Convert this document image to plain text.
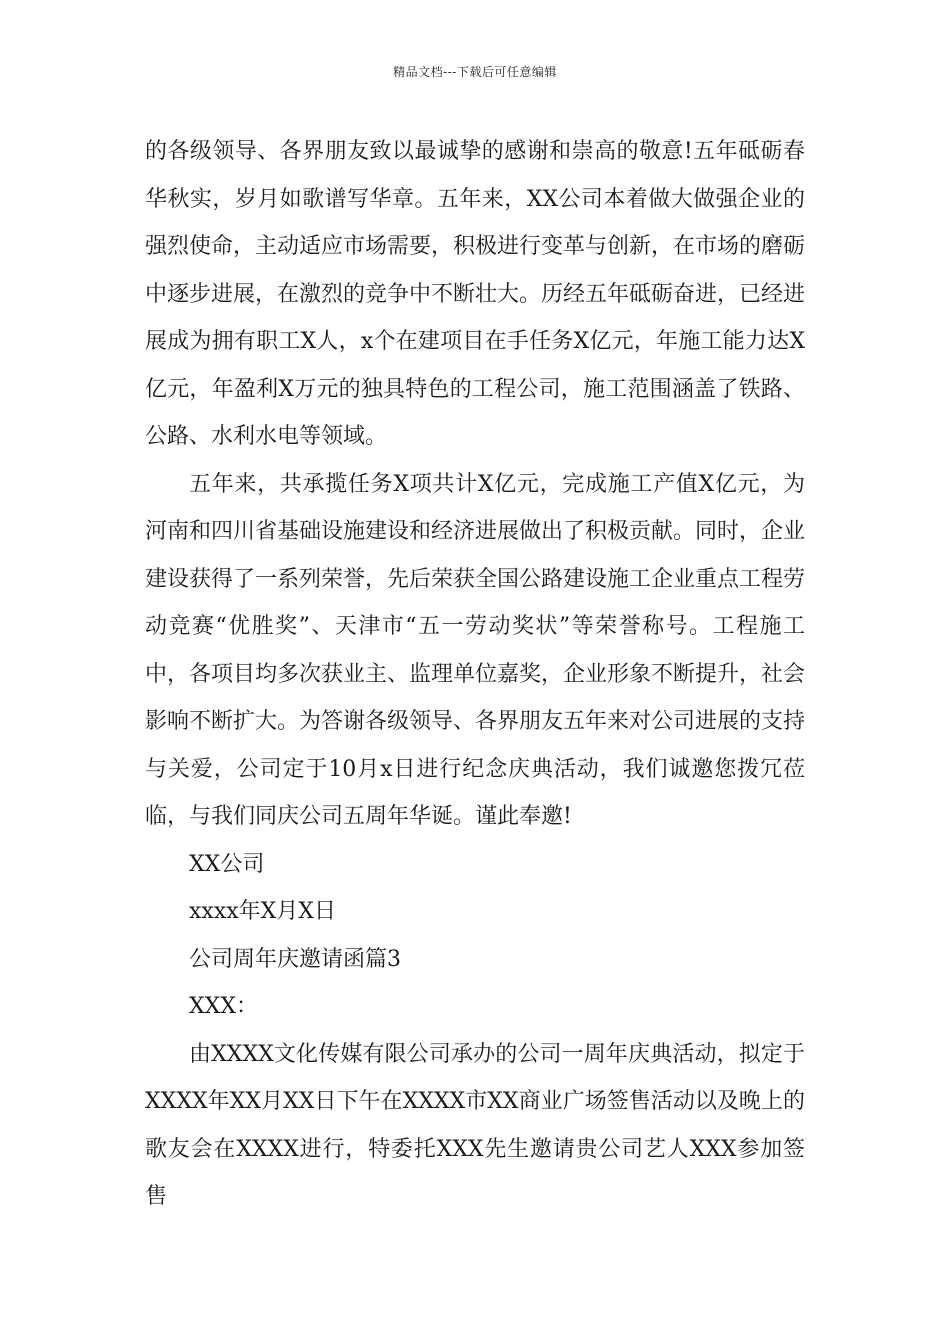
精品文档---下载后可任意编辑

的各级领导、各界朋友致以最诚挚的感谢和崇高的敬意!五年砥砺春华秋实，岁月如歌谱写华章。五年来，XX公司本着做大做强企业的强烈使命，主动适应市场需要，积极进行变革与创新，在市场的磨砺中逐步进展，在激烈的竞争中不断壮大。历经五年砥砺奋进，已经进展成为拥有职工X人，x个在建项目在手任务X亿元，年施工能力达X亿元，年盈利X万元的独具特色的工程公司，施工范围涵盖了铁路、公路、水利水电等领域。

五年来，共承揽任务X项共计X亿元，完成施工产值X亿元，为河南和四川省基础设施建设和经济进展做出了积极贡献。同时，企业建设获得了一系列荣誉，先后荣获全国公路建设施工企业重点工程劳动竞赛“优胜奖”、天津市“五一劳动奖状”等荣誉称号。工程施工中，各项目均多次获业主、监理单位嘉奖，企业形象不断提升，社会影响不断扩大。为答谢各级领导、各界朋友五年来对公司进展的支持与关爱，公司定于10月x日进行纪念庆典活动，我们诚邀您拨冗莅临，与我们同庆公司五周年华诞。谨此奉邀!

XX公司

xxxx年X月X日

公司周年庆邀请函篇3

XXX：

由XXXX文化传媒有限公司承办的公司一周年庆典活动，拟定于XXXX年XX月XX日下午在XXXX市XX商业广场签售活动以及晚上的歌友会在XXXX进行，特委托XXX先生邀请贵公司艺人XXX参加签售
